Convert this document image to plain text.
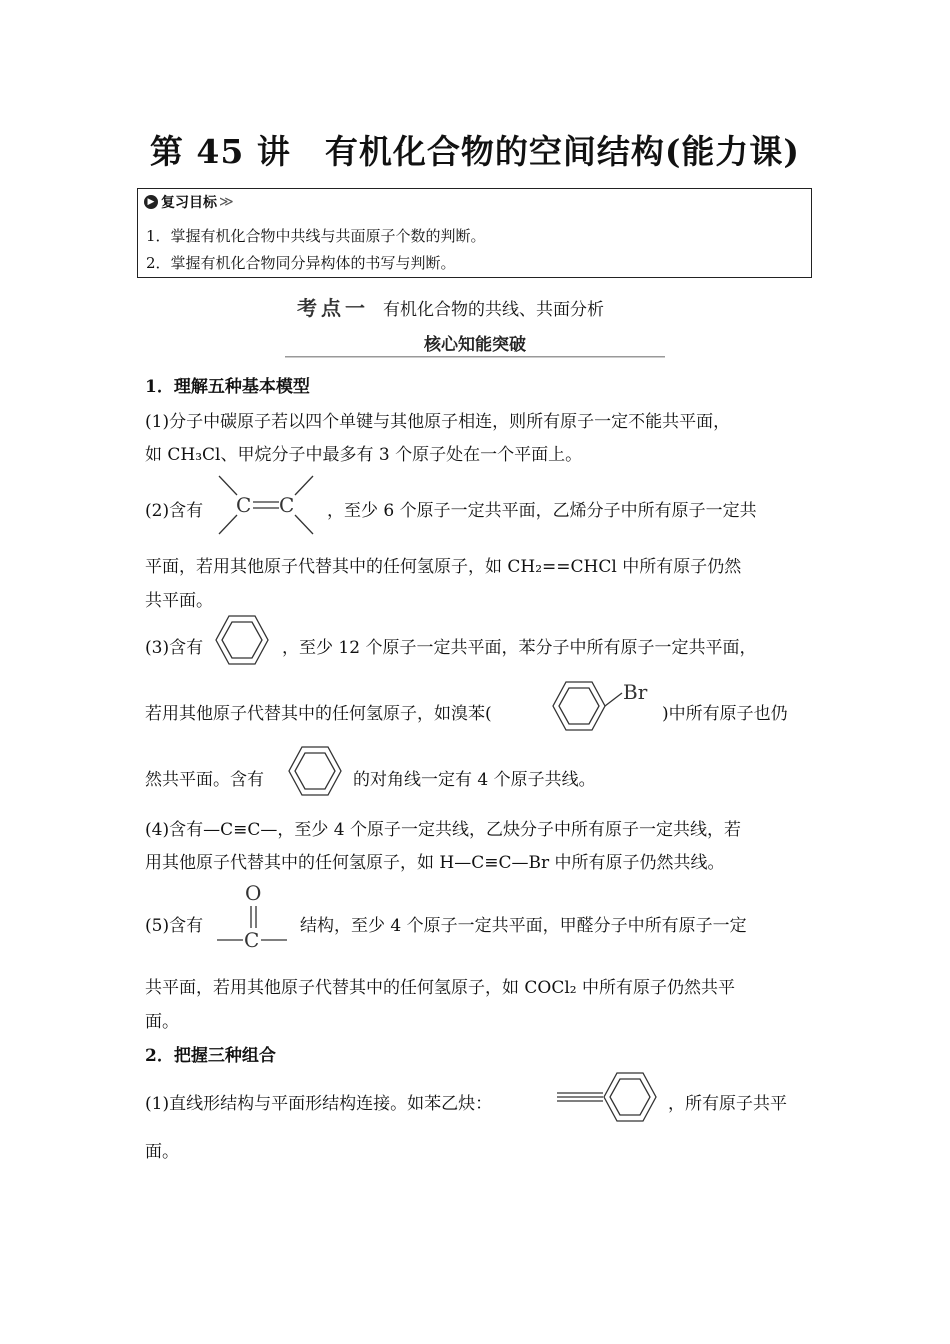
第 45 讲　有机化合物的空间结构(能力课)
▶ 复习目标 ≫
1．掌握有机化合物中共线与共面原子个数的判断。
2．掌握有机化合物同分异构体的书写与判断。
考点一 有机化合物的共线、共面分析
核心知能突破
1．理解五种基本模型
(1)分子中碳原子若以四个单键与其他原子相连，则所有原子一定不能共平面，
如 CH₃Cl、甲烷分子中最多有 3 个原子处在一个平面上。
(2)含有 C C ，至少 6 个原子一定共平面，乙烯分子中所有原子一定共
平面，若用其他原子代替其中的任何氢原子，如 CH₂==CHCl 中所有原子仍然
共平面。
(3)含有	，至少 12 个原子一定共平面，苯分子中所有原子一定共平面，
若用其他原子代替其中的任何氢原子，如溴苯(
Br
)中所有原子也仍
然共平面。含有	的对角线一定有 4 个原子共线。
(4)含有—C≡C—，至少 4 个原子一定共线，乙炔分子中所有原子一定共线，若
用其他原子代替其中的任何氢原子，如 H—C≡C—Br 中所有原子仍然共线。
(5)含有
O
C
结构，至少 4 个原子一定共平面，甲醛分子中所有原子一定
共平面，若用其他原子代替其中的任何氢原子，如 COCl₂ 中所有原子仍然共平
面。
2．把握三种组合
(1)直线形结构与平面形结构连接。如苯乙炔：	，所有原子共平
面。
